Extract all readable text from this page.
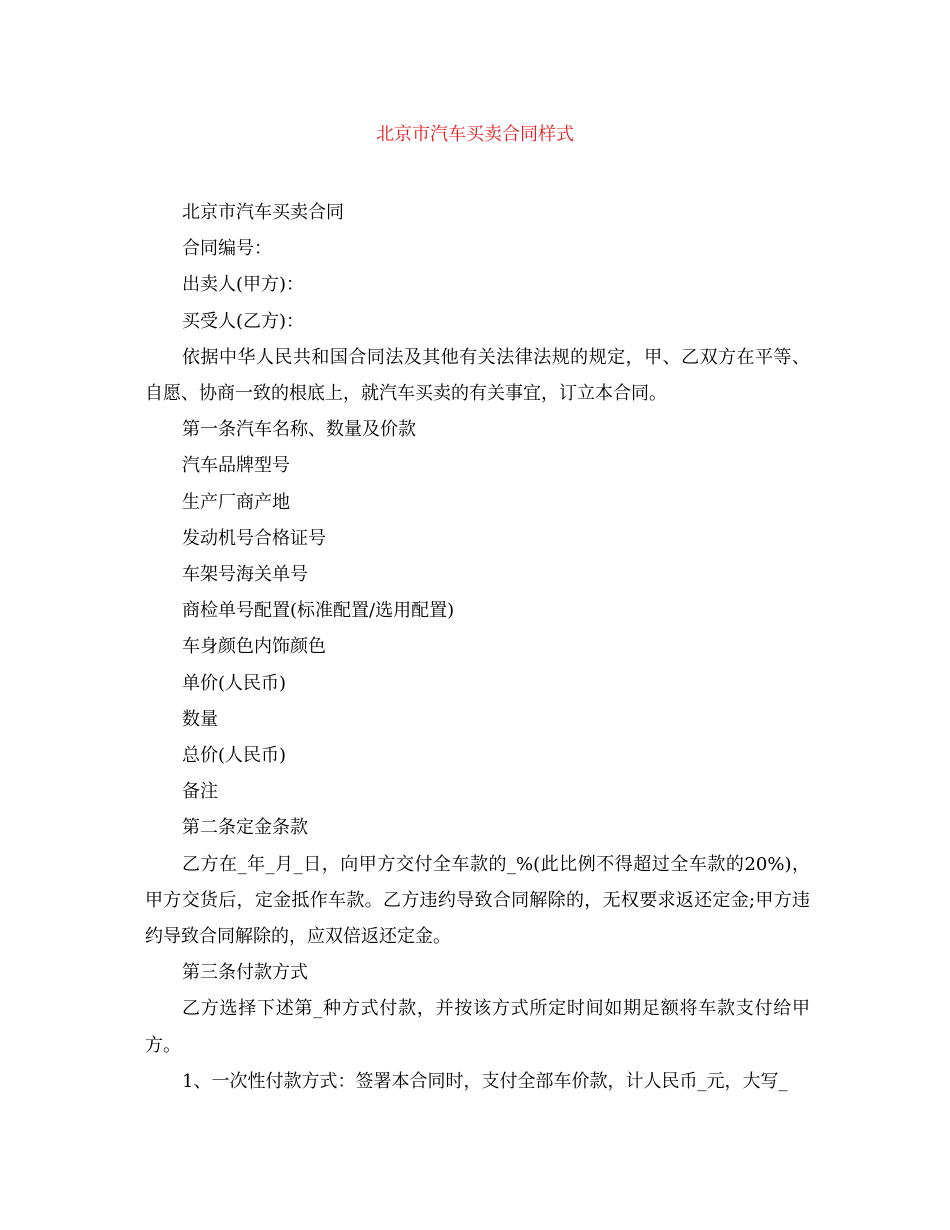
北京市汽车买卖合同样式

北京市汽车买卖合同

合同编号：

出卖人(甲方)：

买受人(乙方)：

依据中华人民共和国合同法及其他有关法律法规的规定，甲、乙双方在平等、自愿、协商一致的根底上，就汽车买卖的有关事宜，订立本合同。

第一条汽车名称、数量及价款

汽车品牌型号

生产厂商产地

发动机号合格证号

车架号海关单号

商检单号配置(标准配置/选用配置)

车身颜色内饰颜色

单价(人民币)

数量

总价(人民币)

备注

第二条定金条款

乙方在_年_月_日，向甲方交付全车款的_%(此比例不得超过全车款的20%)，甲方交货后，定金抵作车款。乙方违约导致合同解除的，无权要求返还定金;甲方违约导致合同解除的，应双倍返还定金。

第三条付款方式

乙方选择下述第_种方式付款，并按该方式所定时间如期足额将车款支付给甲方。

1、一次性付款方式：签署本合同时，支付全部车价款，计人民币_元，大写_
